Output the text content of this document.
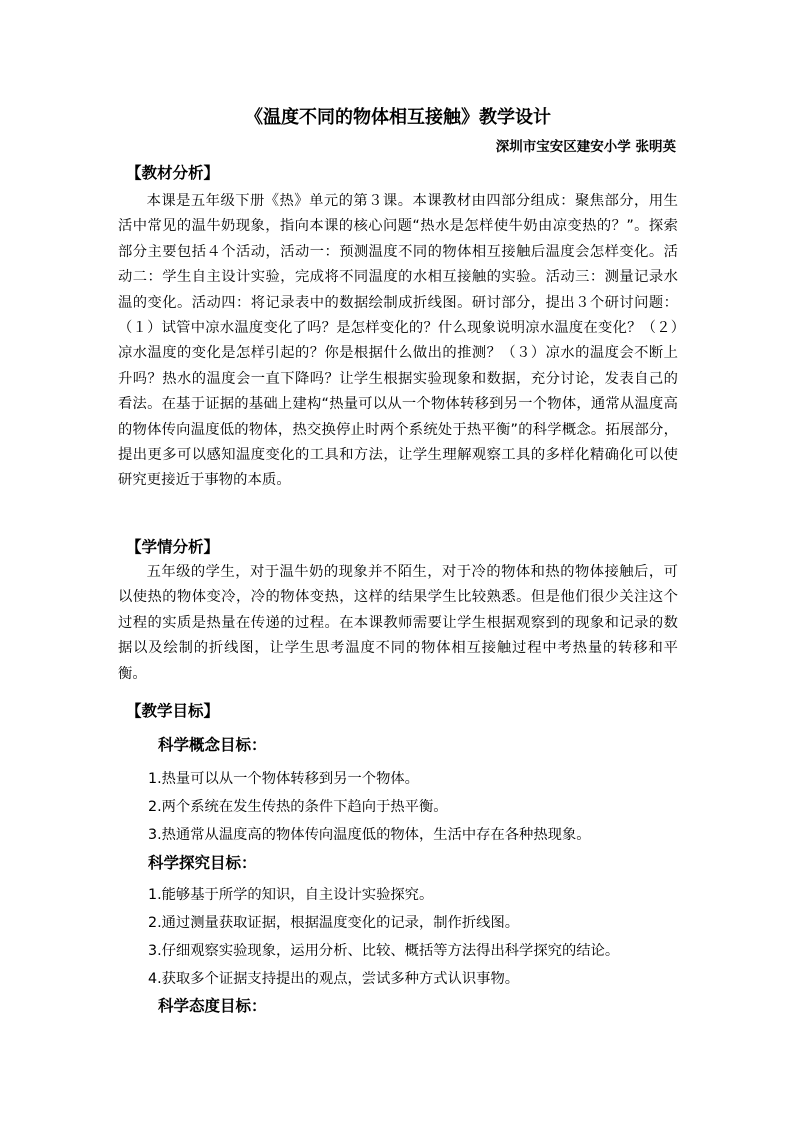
《温度不同的物体相互接触》教学设计
深圳市宝安区建安小学 张明英
【教材分析】
本课是五年级下册《热》单元的第３课。本课教材由四部分组成：聚焦部分，用生活中常见的温牛奶现象，指向本课的核心问题“热水是怎样使牛奶由凉变热的？”。探索部分主要包括４个活动，活动一：预测温度不同的物体相互接触后温度会怎样变化。活动二：学生自主设计实验，完成将不同温度的水相互接触的实验。活动三：测量记录水温的变化。活动四：将记录表中的数据绘制成折线图。研讨部分，提出３个研讨问题：（１）试管中凉水温度变化了吗？是怎样变化的？什么现象说明凉水温度在变化？（２）凉水温度的变化是怎样引起的？你是根据什么做出的推测？（３）凉水的温度会不断上升吗？热水的温度会一直下降吗？让学生根据实验现象和数据，充分讨论，发表自己的看法。在基于证据的基础上建构“热量可以从一个物体转移到另一个物体，通常从温度高的物体传向温度低的物体，热交换停止时两个系统处于热平衡”的科学概念。拓展部分，提出更多可以感知温度变化的工具和方法，让学生理解观察工具的多样化精确化可以使研究更接近于事物的本质。
【学情分析】
五年级的学生，对于温牛奶的现象并不陌生，对于冷的物体和热的物体接触后，可以使热的物体变冷，冷的物体变热，这样的结果学生比较熟悉。但是他们很少关注这个过程的实质是热量在传递的过程。在本课教师需要让学生根据观察到的现象和记录的数据以及绘制的折线图，让学生思考温度不同的物体相互接触过程中考热量的转移和平衡。
【教学目标】
科学概念目标：
1.热量可以从一个物体转移到另一个物体。
2.两个系统在发生传热的条件下趋向于热平衡。
3.热通常从温度高的物体传向温度低的物体，生活中存在各种热现象。
科学探究目标：
1.能够基于所学的知识，自主设计实验探究。
2.通过测量获取证据，根据温度变化的记录，制作折线图。
3.仔细观察实验现象，运用分析、比较、概括等方法得出科学探究的结论。
4.获取多个证据支持提出的观点，尝试多种方式认识事物。
科学态度目标：
